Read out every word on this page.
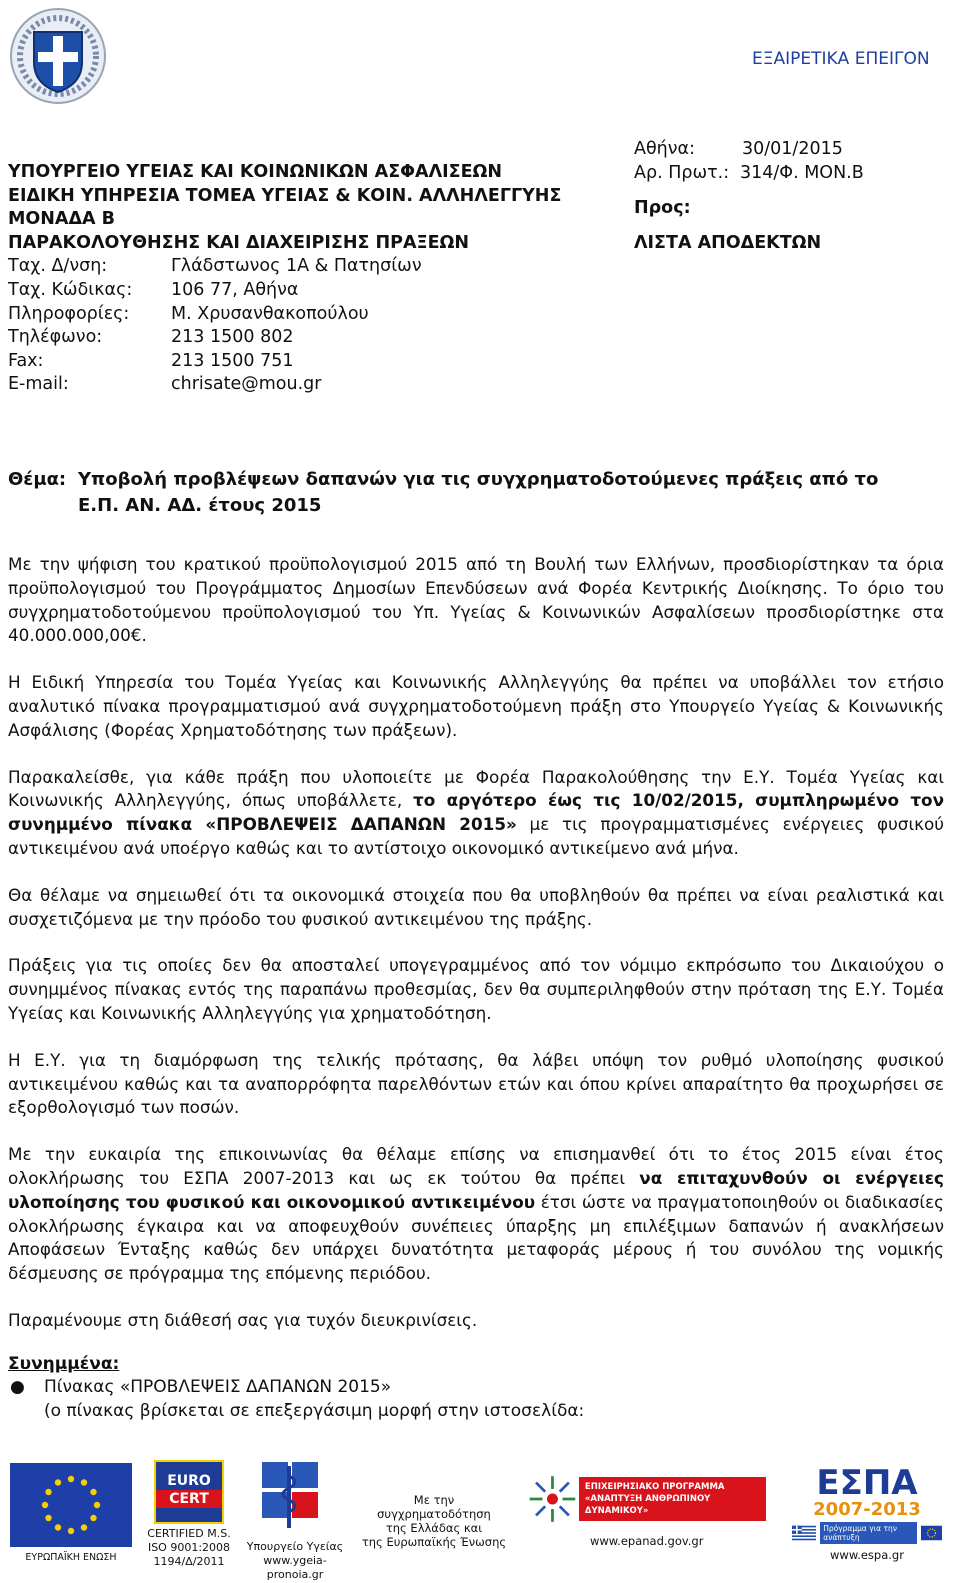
ΕΞΑΙΡΕΤΙΚΑ ΕΠΕΙΓΟΝ
ΥΠΟΥΡΓΕΙΟ ΥΓΕΙΑΣ ΚΑΙ ΚΟΙΝΩΝΙΚΩΝ ΑΣΦΑΛΙΣΕΩΝ
ΕΙΔΙΚΗ ΥΠΗΡΕΣΙΑ ΤΟΜΕΑ ΥΓΕΙΑΣ & ΚΟΙΝ. ΑΛΛΗΛΕΓΓΥΗΣ
ΜΟΝΑΔΑ Β
ΠΑΡΑΚΟΛΟΥΘΗΣΗΣ ΚΑΙ ΔΙΑΧΕΙΡΙΣΗΣ ΠΡΑΞΕΩΝ
Ταχ. Δ/νση:	Γλάδστωνος 1Α & Πατησίων
Ταχ. Κώδικας:	106 77, Αθήνα
Πληροφορίες:	Μ. Χρυσανθακοπούλου
Τηλέφωνο:	213 1500 802
Fax:	213 1500 751
E-mail:	chrisate@mou.gr
Αθήνα:	30/01/2015
Αρ. Πρωτ.: 314/Φ. ΜΟΝ.Β
Προς:
ΛΙΣΤΑ ΑΠΟΔΕΚΤΩΝ
Θέμα: Υποβολή προβλέψεων δαπανών για τις συγχρηματοδοτούμενες πράξεις από το
Ε.Π. ΑΝ. ΑΔ. έτους 2015

Με την ψήφιση του κρατικού προϋπολογισμού 2015 από τη Βουλή των Ελλήνων, προσδιορίστηκαν τα όρια προϋπολογισμού του Προγράμματος Δημοσίων Επενδύσεων ανά Φορέα Κεντρικής Διοίκησης. Το όριο του συγχρηματοδοτούμενου προϋπολογισμού του Υπ. Υγείας & Κοινωνικών Ασφαλίσεων προσδιορίστηκε στα 40.000.000,00€.

Η Ειδική Υπηρεσία του Τομέα Υγείας και Κοινωνικής Αλληλεγγύης θα πρέπει να υποβάλλει τον ετήσιο αναλυτικό πίνακα προγραμματισμού ανά συγχρηματοδοτούμενη πράξη στο Υπουργείο Υγείας & Κοινωνικής Ασφάλισης (Φορέας Χρηματοδότησης των πράξεων).

Παρακαλείσθε, για κάθε πράξη που υλοποιείτε με Φορέα Παρακολούθησης την Ε.Υ. Τομέα Υγείας και Κοινωνικής Αλληλεγγύης, όπως υποβάλλετε, το αργότερο έως τις 10/02/2015, συμπληρωμένο τον συνημμένο πίνακα «ΠΡΟΒΛΕΨΕΙΣ ΔΑΠΑΝΩΝ 2015» με τις προγραμματισμένες ενέργειες φυσικού αντικειμένου ανά υποέργο καθώς και το αντίστοιχο οικονομικό αντικείμενο ανά μήνα.

Θα θέλαμε να σημειωθεί ότι τα οικονομικά στοιχεία που θα υποβληθούν θα πρέπει να είναι ρεαλιστικά και συσχετιζόμενα με την πρόοδο του φυσικού αντικειμένου της πράξης.

Πράξεις για τις οποίες δεν θα αποσταλεί υπογεγραμμένος από τον νόμιμο εκπρόσωπο του Δικαιούχου ο συνημμένος πίνακας εντός της παραπάνω προθεσμίας, δεν θα συμπεριληφθούν στην πρόταση της Ε.Υ. Τομέα Υγείας και Κοινωνικής Αλληλεγγύης για χρηματοδότηση.

Η Ε.Υ. για τη διαμόρφωση της τελικής πρότασης, θα λάβει υπόψη τον ρυθμό υλοποίησης φυσικού αντικειμένου καθώς και τα αναπορρόφητα παρελθόντων ετών και όπου κρίνει απαραίτητο θα προχωρήσει σε εξορθολογισμό των ποσών.

Με την ευκαιρία της επικοινωνίας θα θέλαμε επίσης να επισημανθεί ότι το έτος 2015 είναι έτος ολοκλήρωσης του ΕΣΠΑ 2007-2013 και ως εκ τούτου θα πρέπει να επιταχυνθούν οι ενέργειες υλοποίησης του φυσικού και οικονομικού αντικειμένου έτσι ώστε να πραγματοποιηθούν οι διαδικασίες ολοκλήρωσης έγκαιρα και να αποφευχθούν συνέπειες ύπαρξης μη επιλέξιμων δαπανών ή ανακλήσεων Αποφάσεων Ένταξης καθώς δεν υπάρχει δυνατότητα μεταφοράς μέρους ή του συνόλου της νομικής δέσμευσης σε πρόγραμμα της επόμενης περιόδου.

Παραμένουμε στη διάθεσή σας για τυχόν διευκρινίσεις.

Συνημμένα:
●	Πίνακας «ΠΡΟΒΛΕΨΕΙΣ ΔΑΠΑΝΩΝ 2015»
(ο πίνακας βρίσκεται σε επεξεργάσιμη μορφή στην ιστοσελίδα:
ΕΥΡΩΠΑΪΚΗ ΕΝΩΣΗ
EURO
CERT
CERTIFIED M.S.
ISO 9001:2008
1194/Δ/2011
Υπουργείο Υγείας
www.ygeia-pronoia.gr
Με την συγχρηματοδότηση
της Ελλάδας και
της Ευρωπαϊκής Ένωσης
ΕΠΙΧΕΙΡΗΣΙΑΚΟ ΠΡΟΓΡΑΜΜΑ
«ΑΝΑΠΤΥΞΗ ΑΝΘΡΩΠΙΝΟΥ ΔΥΝΑΜΙΚΟΥ»
www.epanad.gov.gr
ΕΣΠΑ
2007-2013
Πρόγραμμα για την ανάπτυξη
www.espa.gr
